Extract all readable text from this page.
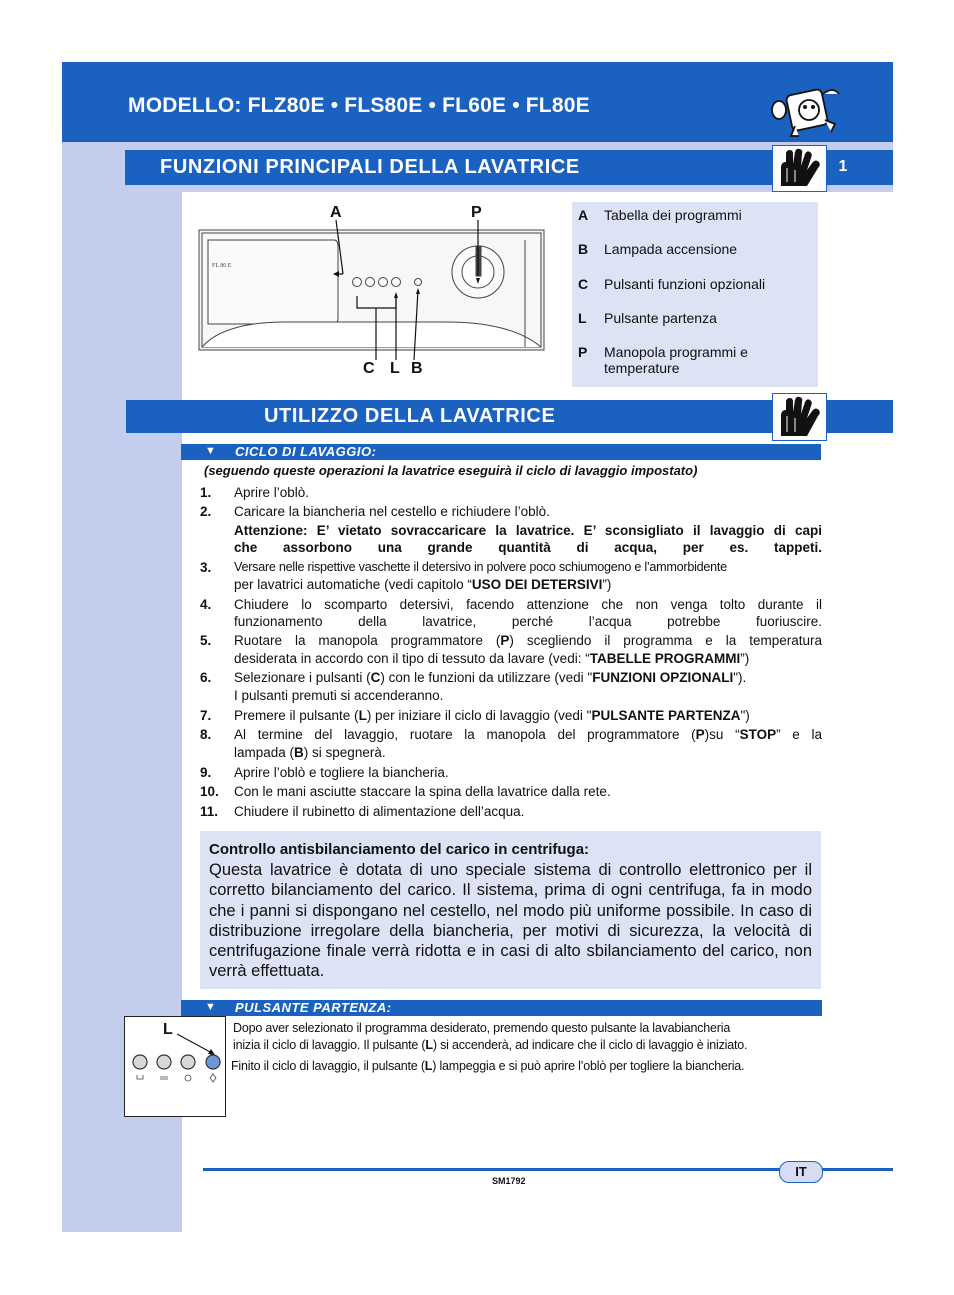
MODELLO: FLZ80E • FLS80E • FL60E • FL80E
FUNZIONI PRINCIPALI DELLA LAVATRICE	1
FL 80 E
A	P
C L B
A Tabella dei programmi
B Lampada accensione
C Pulsanti funzioni opzionali
L Pulsante partenza
P Manopola programmi e temperature
UTILIZZO DELLA LAVATRICE
▼ CICLO DI LAVAGGIO:
(seguendo queste operazioni la lavatrice eseguirà il ciclo di lavaggio impostato)
1. Aprire l’oblò.
2. Caricare la biancheria nel cestello e richiudere l’oblò.
Attenzione: E’ vietato sovraccaricare la lavatrice. E’ sconsigliato il lavaggio di capi
che assorbono una grande quantità di acqua, per es. tappeti.
3. Versare nelle rispettive vaschette il detersivo in polvere poco schiumogeno e l’ammorbidente
per lavatrici automatiche (vedi capitolo “USO DEI DETERSIVI”)
4. Chiudere lo scomparto detersivi, facendo attenzione che non venga tolto durante il
funzionamento della lavatrice, perché l’acqua potrebbe fuoriuscire.
5. Ruotare la manopola programmatore (P) scegliendo il programma e la temperatura
desiderata in accordo con il tipo di tessuto da lavare (vedi: “TABELLE PROGRAMMI”)
6. Selezionare i pulsanti (C) con le funzioni da utilizzare (vedi "FUNZIONI OPZIONALI").
I pulsanti premuti si accenderanno.
7. Premere il pulsante (L) per iniziare il ciclo di lavaggio (vedi "PULSANTE PARTENZA")
8. Al termine del lavaggio, ruotare la manopola del programmatore (P)su “STOP” e la
lampada (B) si spegnerà.
9. Aprire l’oblò e togliere la biancheria.
10. Con le mani asciutte staccare la spina della lavatrice dalla rete.
11. Chiudere il rubinetto di alimentazione dell’acqua.
Controllo antisbilanciamento del carico in centrifuga:
Questa lavatrice è dotata di uno speciale sistema di controllo elettronico per il corretto bilanciamento del carico. Il sistema, prima di ogni centrifuga, fa in modo che i panni si dispongano nel cestello, nel modo più uniforme possibile. In caso di distribuzione irregolare della biancheria, per motivi di sicurezza, la velocità di centrifugazione finale verrà ridotta e in casi di alto sbilanciamento del carico, non verrà effettuata.
▼ PULSANTE PARTENZA:
L	Dopo aver selezionato il programma desiderato, premendo questo pulsante la lavabiancheria
inizia il ciclo di lavaggio. Il pulsante (L) si accenderà, ad indicare che il ciclo di lavaggio è iniziato.
Finito il ciclo di lavaggio, il pulsante (L) lampeggia e si può aprire l’oblò per togliere la biancheria.
IT
SM1792
